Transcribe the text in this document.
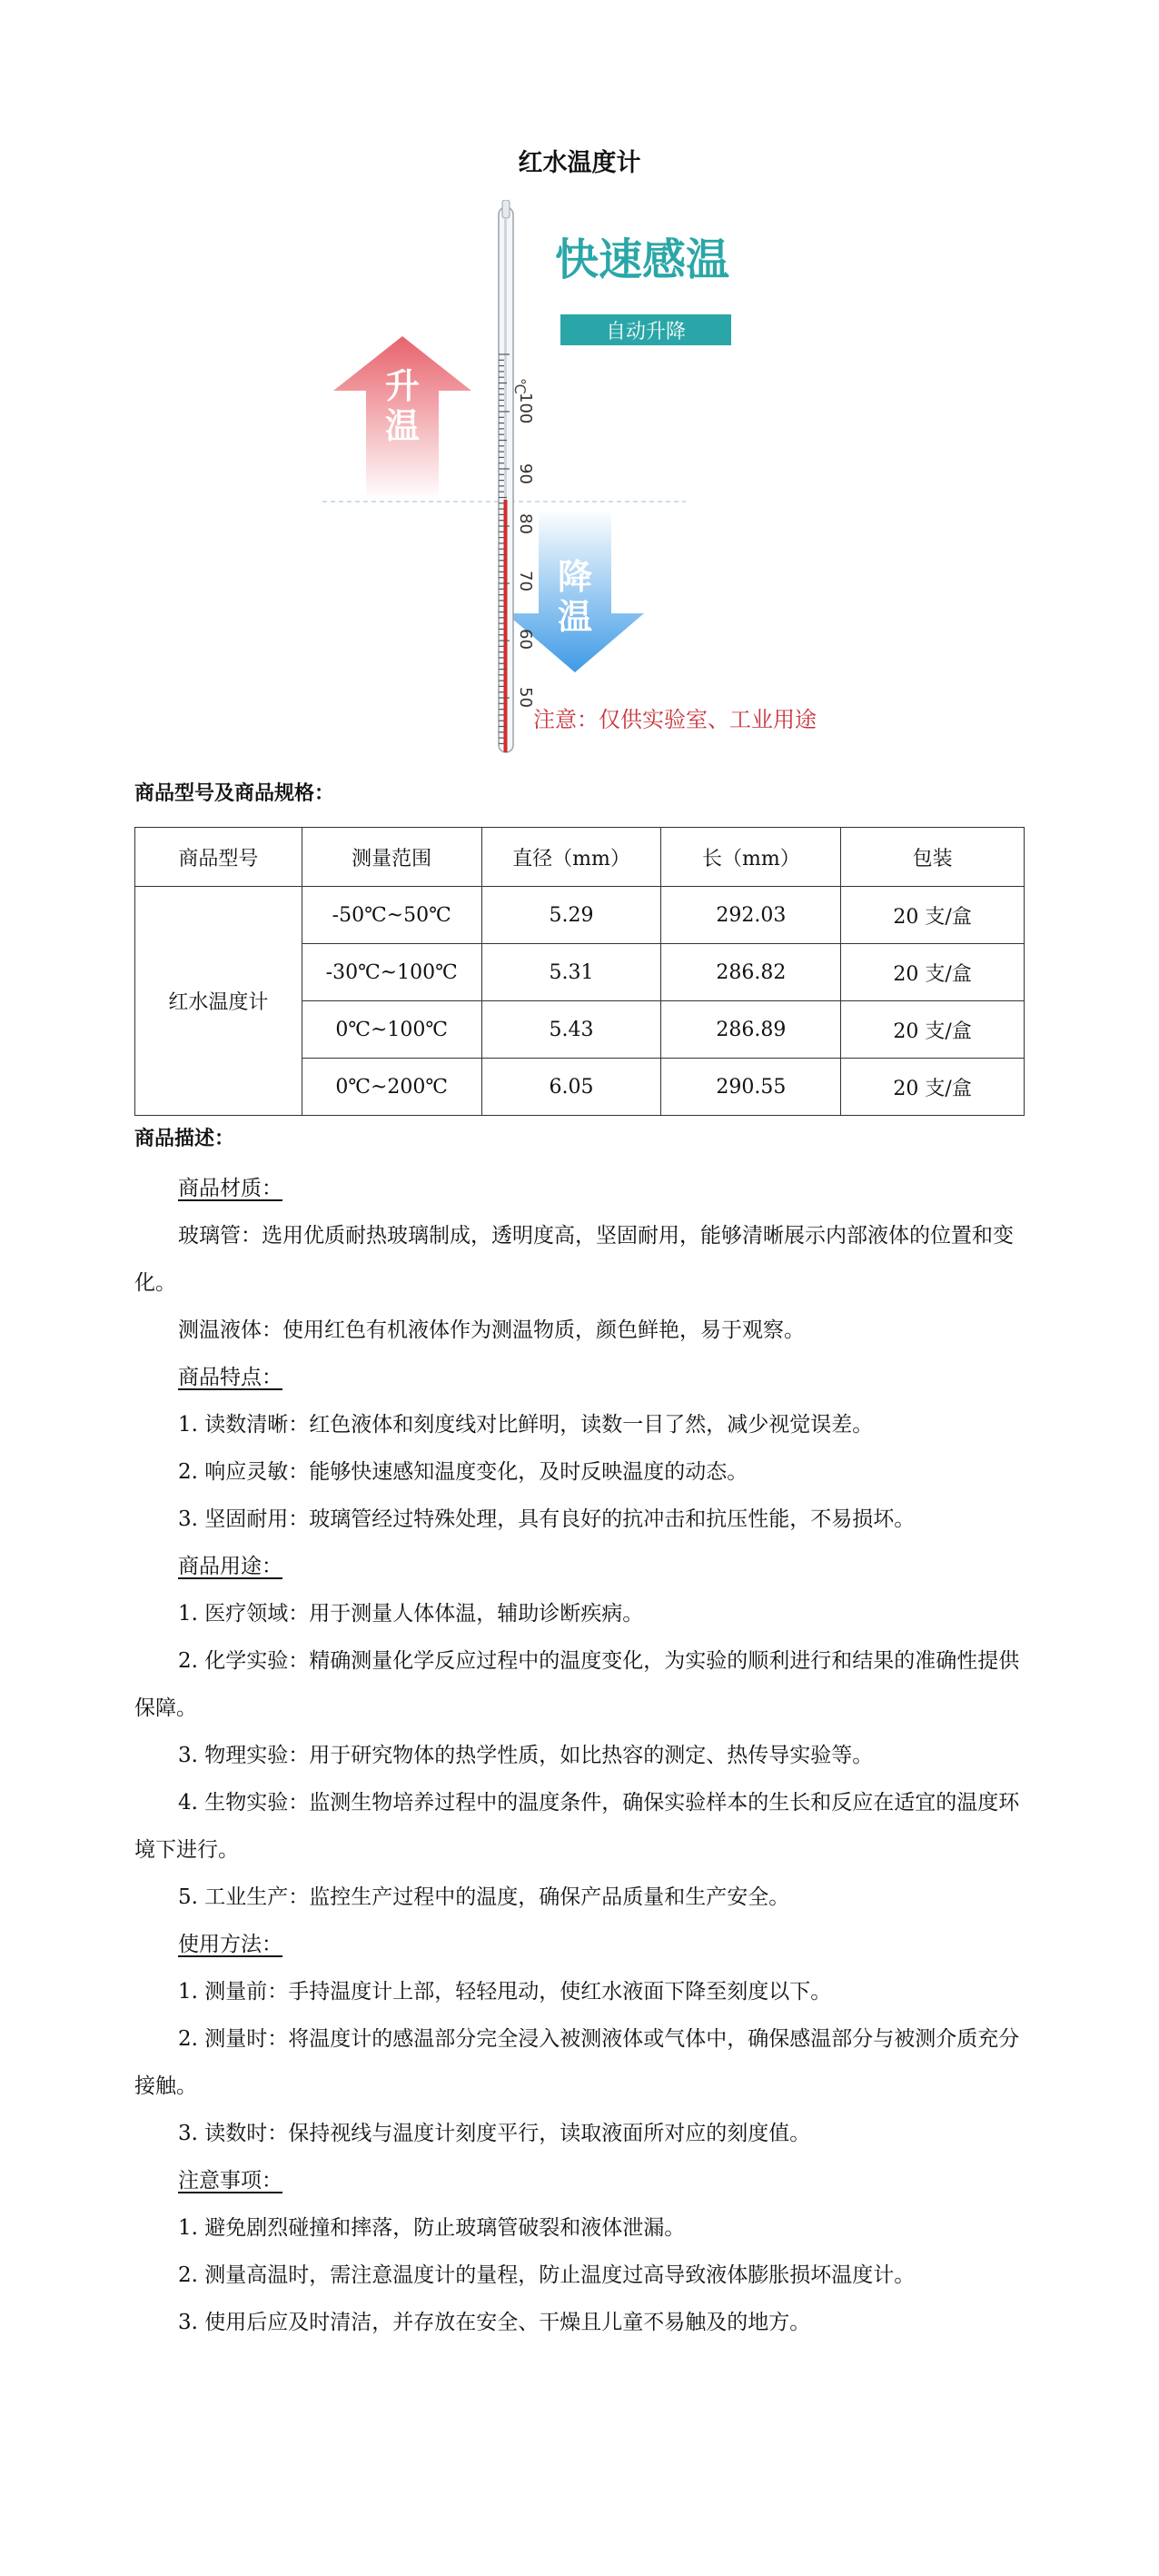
红水温度计
升
温
降
温
℃
100
90
80
70
60
50
快速感温
自动升降
注意：仅供实验室、工业用途
商品型号及商品规格：
商品型号	测量范围	直径（mm）	长（mm）	包装
红水温度计	-50℃~50℃	5.29	292.03	20 支/盒
	-30℃~100℃	5.31	286.82	20 支/盒
	0℃~100℃	5.43	286.89	20 支/盒
	0℃~200℃	6.05	290.55	20 支/盒
商品描述：

商品材质：

玻璃管：选用优质耐热玻璃制成，透明度高，坚固耐用，能够清晰展示内部液体的位置和变化。

测温液体：使用红色有机液体作为测温物质，颜色鲜艳，易于观察。

商品特点：

1. 读数清晰：红色液体和刻度线对比鲜明，读数一目了然，减少视觉误差。

2. 响应灵敏：能够快速感知温度变化，及时反映温度的动态。

3. 坚固耐用：玻璃管经过特殊处理，具有良好的抗冲击和抗压性能，不易损坏。

商品用途：

1. 医疗领域：用于测量人体体温，辅助诊断疾病。

2. 化学实验：精确测量化学反应过程中的温度变化，为实验的顺利进行和结果的准确性提供保障。

3. 物理实验：用于研究物体的热学性质，如比热容的测定、热传导实验等。

4. 生物实验：监测生物培养过程中的温度条件，确保实验样本的生长和反应在适宜的温度环境下进行。

5. 工业生产：监控生产过程中的温度，确保产品质量和生产安全。

使用方法：

1. 测量前：手持温度计上部，轻轻甩动，使红水液面下降至刻度以下。

2. 测量时：将温度计的感温部分完全浸入被测液体或气体中，确保感温部分与被测介质充分接触。

3. 读数时：保持视线与温度计刻度平行，读取液面所对应的刻度值。

注意事项：

1. 避免剧烈碰撞和摔落，防止玻璃管破裂和液体泄漏。

2. 测量高温时，需注意温度计的量程，防止温度过高导致液体膨胀损坏温度计。

3. 使用后应及时清洁，并存放在安全、干燥且儿童不易触及的地方。
